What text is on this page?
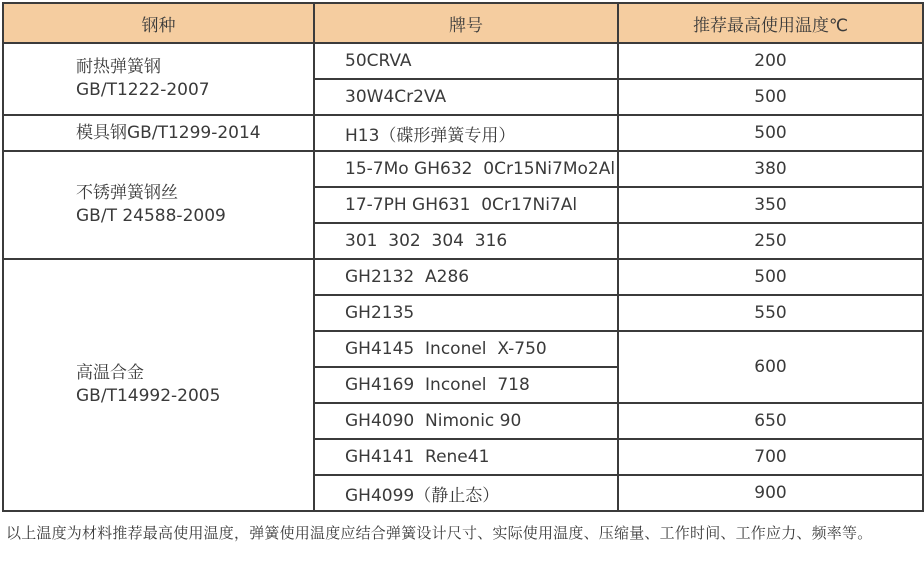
钢种	牌号	推荐最高使用温度℃

耐热弹簧钢
GB/T1222-2007	50CRVA	200
	30W4Cr2VA	500

模具钢GB/T1299-2014	H13（碟形弹簧专用）	500

不锈弹簧钢丝
GB/T 24588-2009	15-7Mo GH632  0Cr15Ni7Mo2Al	380
	17-7PH GH631  0Cr17Ni7Al	350
	301  302  304  316	250

高温合金
GB/T14992-2005	GH2132  A286	500
	GH2135	550
	GH4145  Inconel  X-750	600
	GH4169  Inconel  718	
	GH4090  Nimonic 90	650
	GH4141  Rene41	700
	GH4099（静止态）	900

以上温度为材料推荐最高使用温度，弹簧使用温度应结合弹簧设计尺寸、实际使用温度、压缩量、工作时间、工作应力、频率等。
